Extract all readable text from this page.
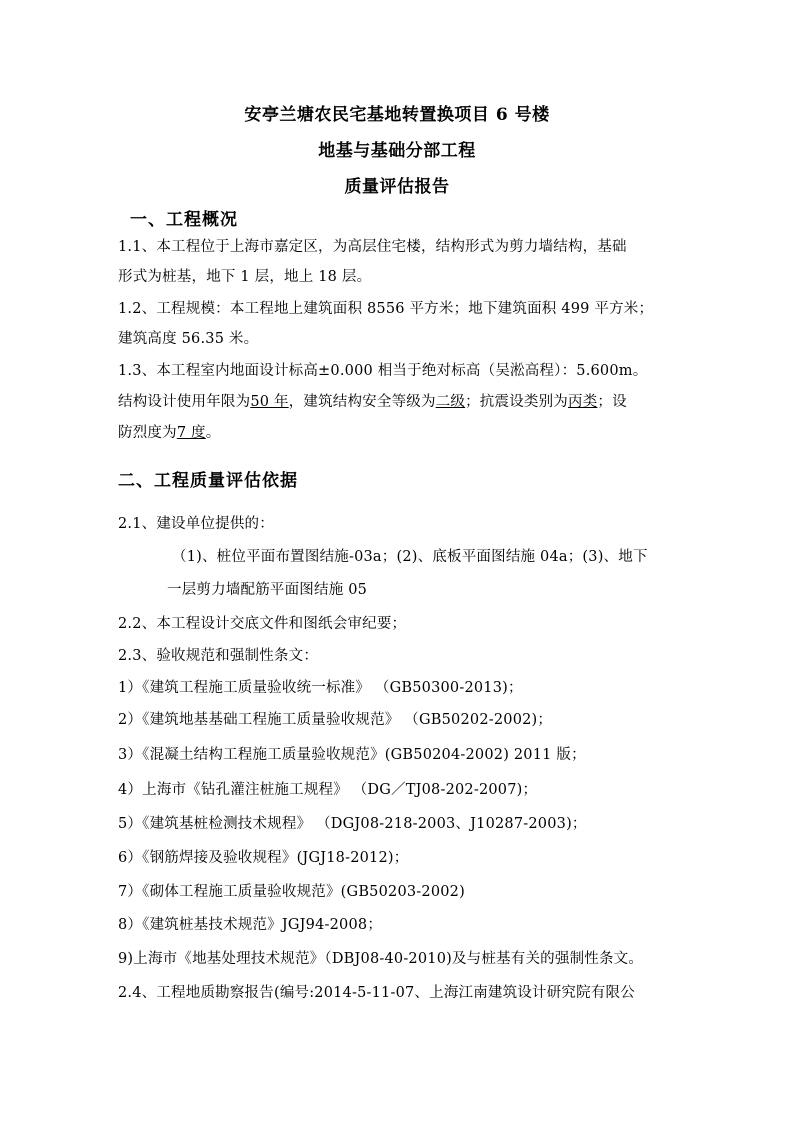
安亭兰塘农民宅基地转置换项目 6 号楼
地基与基础分部工程
质量评估报告
一、工程概况
1.1、本工程位于上海市嘉定区，为高层住宅楼，结构形式为剪力墙结构，基础
形式为桩基，地下 1 层，地上 18 层。
1.2、工程规模：本工程地上建筑面积 8556 平方米；地下建筑面积 499 平方米；
建筑高度 56.35 米。
1.3、本工程室内地面设计标高±0.000 相当于绝对标高（吴淞高程）：5.600m。
结构设计使用年限为50 年，建筑结构安全等级为二级；抗震设类别为丙类；设
防烈度为7 度。
二、工程质量评估依据
2.1、建设单位提供的：
（1)、桩位平面布置图结施-03a；(2)、底板平面图结施 04a；(3)、地下
一层剪力墙配筋平面图结施 05
2.2、本工程设计交底文件和图纸会审纪要；
2.3、验收规范和强制性条文：
1）《建筑工程施工质量验收统一标准》 （GB50300-2013)；
2）《建筑地基基础工程施工质量验收规范》 （GB50202-2002)；
3）《混凝土结构工程施工质量验收规范》(GB50204-2002) 2011 版；
4）上海市《钻孔灌注桩施工规程》 （DG／TJ08-202-2007)；
5）《建筑基桩检测技术规程》 （DGJ08-218-2003、J10287-2003)；
6）《钢筋焊接及验收规程》(JGJ18-2012)；
7）《砌体工程施工质量验收规范》(GB50203-2002)
8）《建筑桩基技术规范》JGJ94-2008；
9)上海市《地基处理技术规范》（DBJ08-40-2010)及与桩基有关的强制性条文。
2.4、工程地质勘察报告(编号:2014-5-11-07、上海江南建筑设计研究院有限公
